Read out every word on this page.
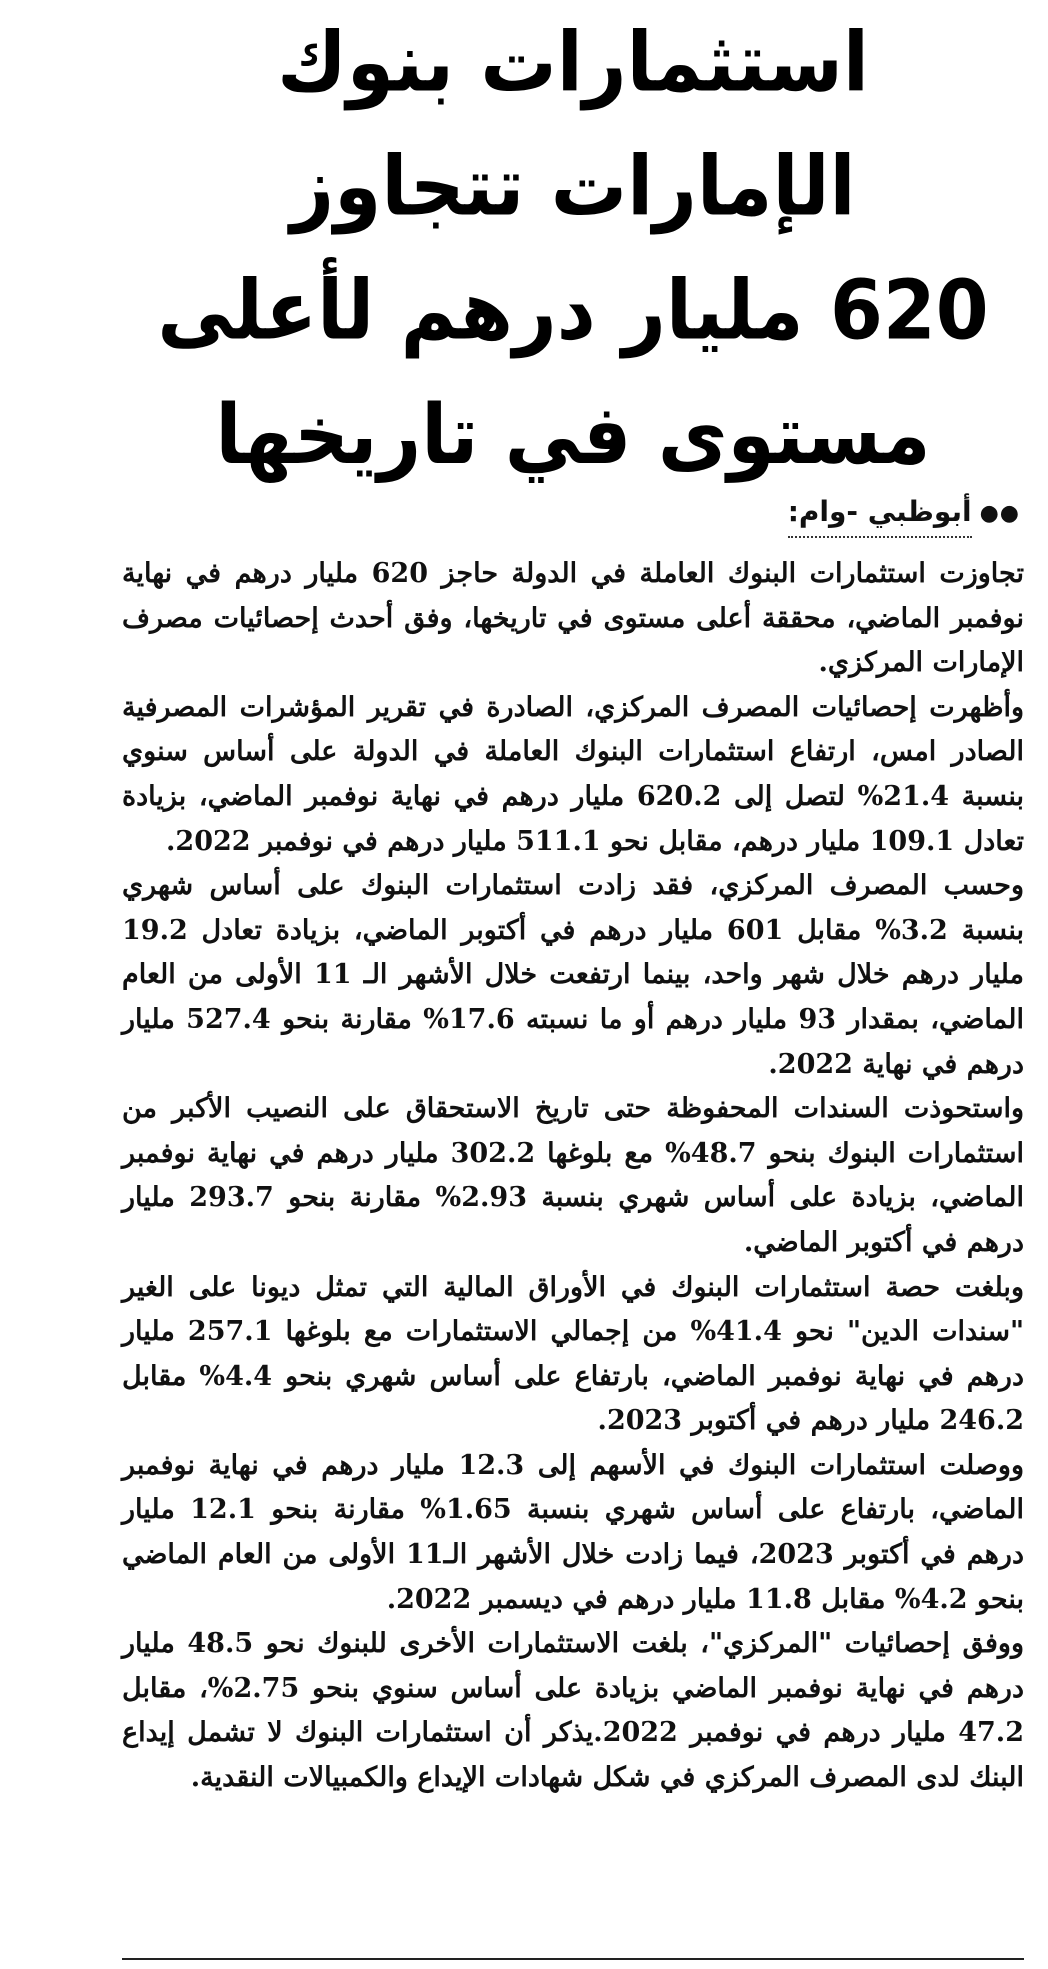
استثمارات بنوك الإمارات تتجاوز
620 مليار درهم لأعلى مستوى في تاريخها
●●
أبوظبي -وام:

تجاوزت استثمارات البنوك العاملة في الدولة حاجز 620 مليار درهم في نهاية نوفمبر الماضي، محققة أعلى مستوى في تاريخها، وفق أحدث إحصائيات مصرف الإمارات المركزي.

وأظهرت إحصائيات المصرف المركزي، الصادرة في تقرير المؤشرات المصرفية الصادر امس، ارتفاع استثمارات البنوك العاملة في الدولة على أساس سنوي بنسبة 21.4% لتصل إلى 620.2 مليار درهم في نهاية نوفمبر الماضي، بزيادة تعادل 109.1 مليار درهم، مقابل نحو 511.1 مليار درهم في نوفمبر 2022.

وحسب المصرف المركزي، فقد زادت استثمارات البنوك على أساس شهري بنسبة 3.2% مقابل 601 مليار درهم في أكتوبر الماضي، بزيادة تعادل 19.2 مليار درهم خلال شهر واحد، بينما ارتفعت خلال الأشهر الـ 11 الأولى من العام الماضي، بمقدار 93 مليار درهم أو ما نسبته 17.6% مقارنة بنحو 527.4 مليار درهم في نهاية 2022.

واستحوذت السندات المحفوظة حتى تاريخ الاستحقاق على النصيب الأكبر من استثمارات البنوك بنحو 48.7% مع بلوغها 302.2 مليار درهم في نهاية نوفمبر الماضي، بزيادة على أساس شهري بنسبة 2.93% مقارنة بنحو 293.7 مليار درهم في أكتوبر الماضي.

وبلغت حصة استثمارات البنوك في الأوراق المالية التي تمثل ديونا على الغير "سندات الدين" نحو 41.4% من إجمالي الاستثمارات مع بلوغها 257.1 مليار درهم في نهاية نوفمبر الماضي، بارتفاع على أساس شهري بنحو 4.4% مقابل 246.2 مليار درهم في أكتوبر 2023.

ووصلت استثمارات البنوك في الأسهم إلى 12.3 مليار درهم في نهاية نوفمبر الماضي، بارتفاع على أساس شهري بنسبة 1.65% مقارنة بنحو 12.1 مليار درهم في أكتوبر 2023، فيما زادت خلال الأشهر الـ11 الأولى من العام الماضي بنحو 4.2% مقابل 11.8 مليار درهم في ديسمبر 2022.

ووفق إحصائيات "المركزي"، بلغت الاستثمارات الأخرى للبنوك نحو 48.5 مليار درهم في نهاية نوفمبر الماضي بزيادة على أساس سنوي بنحو 2.75%، مقابل 47.2 مليار درهم في نوفمبر 2022.يذكر أن استثمارات البنوك لا تشمل إيداع البنك لدى المصرف المركزي في شكل شهادات الإيداع والكمبيالات النقدية.
